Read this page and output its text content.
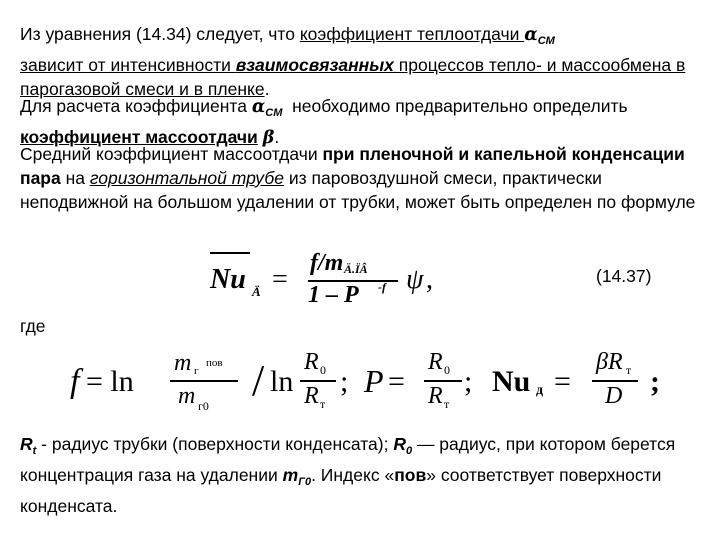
Из уравнения (14.34) следует, что коэффициент теплоотдачи $\alpha_{СМ}$
зависит от интенсивности взаимосвязанных процессов тепло- и массообмена в парогазовой смеси и в пленке.

Для расчета коэффициента $\alpha_{СМ}$  необходимо предварительно определить коэффициент массоотдачи β.

Средний коэффициент массоотдачи при пленочной и капельной конденсации пара на горизонтальной трубе из паровоздушной смеси, практически неподвижной на большом удалении от трубки, может быть определен по формуле

Nu Ä =
f/m Ä.ÏÂ
1 – P -f ψ ,	(14.37)
где
f = ln
m г
пов
m г0
/ ln
R 0
R т
; P =
R 0
R т
; Nu д =
βR т
D ;

$R_t$ - радиус трубки (поверхности конденсата); $R_0$ — радиус, при котором берется концентрация газа на удалении $m_{Г0}$. Индекс «пов» соответствует поверхности конденсата.
